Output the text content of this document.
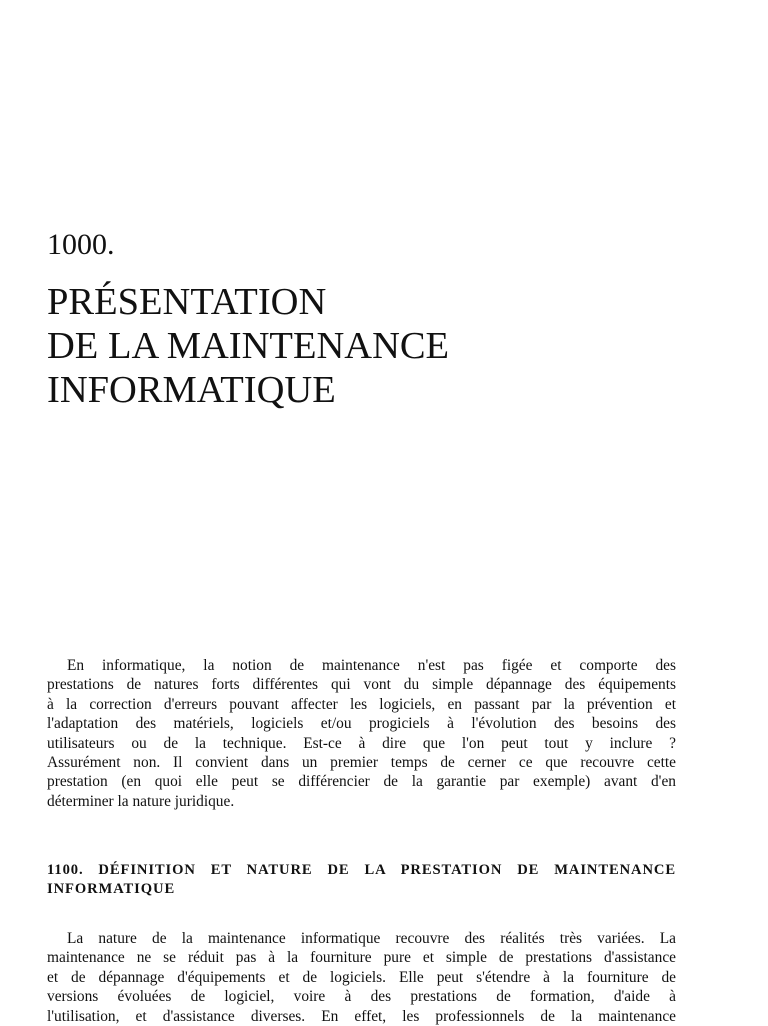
1000.
PRÉSENTATION
DE LA MAINTENANCE
INFORMATIQUE
En informatique, la notion de maintenance n'est pas figée et comporte des
prestations de natures forts différentes qui vont du simple dépannage des équipements
à la correction d'erreurs pouvant affecter les logiciels, en passant par la prévention et
l'adaptation des matériels, logiciels et/ou progiciels à l'évolution des besoins des
utilisateurs ou de la technique. Est-ce à dire que l'on peut tout y inclure ?
Assurément non. Il convient dans un premier temps de cerner ce que recouvre cette
prestation (en quoi elle peut se différencier de la garantie par exemple) avant d'en
déterminer la nature juridique.
1100. DÉFINITION ET NATURE DE LA PRESTATION DE MAINTENANCE
INFORMATIQUE
La nature de la maintenance informatique recouvre des réalités très variées. La
maintenance ne se réduit pas à la fourniture pure et simple de prestations d'assistance
et de dépannage d'équipements et de logiciels. Elle peut s'étendre à la fourniture de
versions évoluées de logiciel, voire à des prestations de formation, d'aide à
l'utilisation, et d'assistance diverses. En effet, les professionnels de la maintenance
